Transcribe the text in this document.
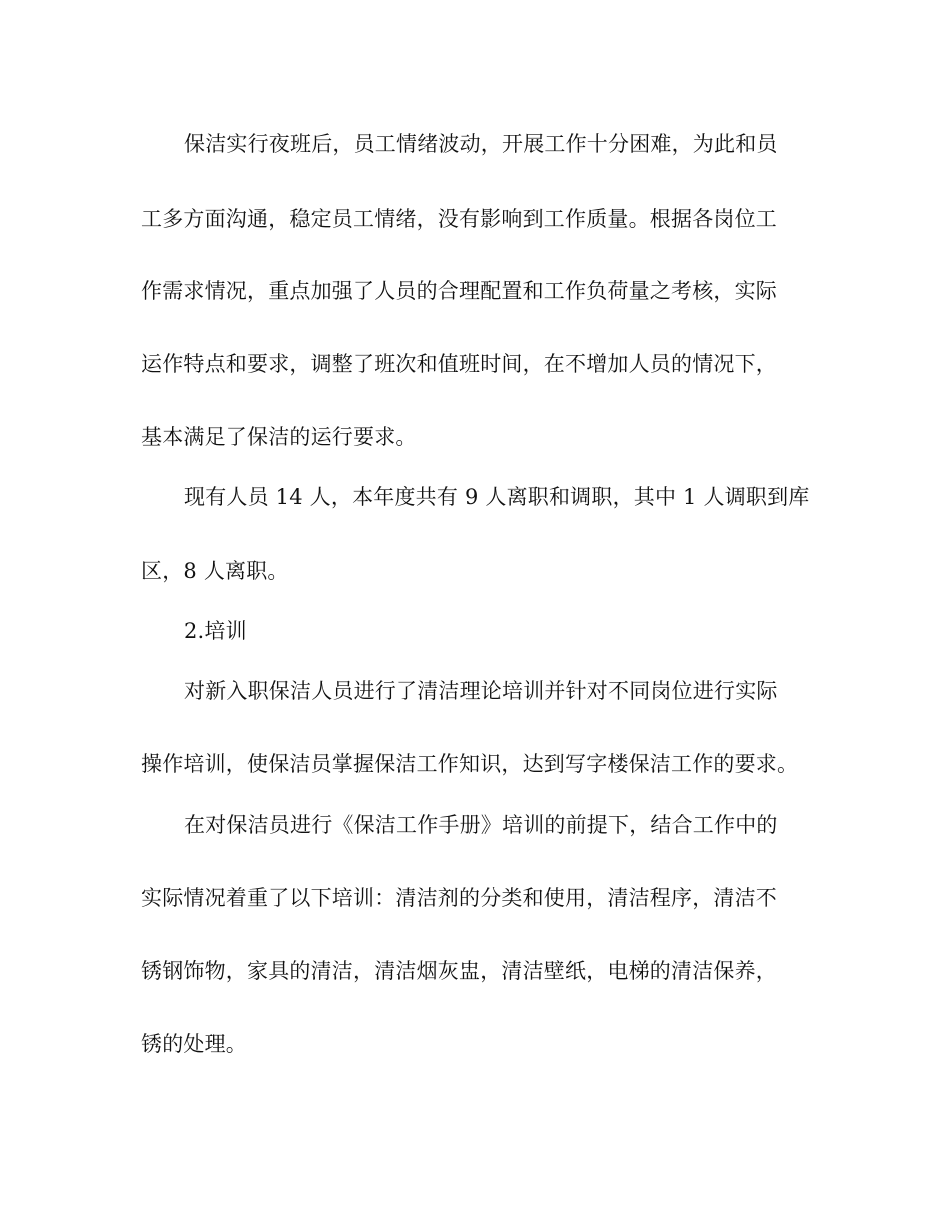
保洁实行夜班后，员工情绪波动，开展工作十分困难，为此和员
工多方面沟通，稳定员工情绪，没有影响到工作质量。根据各岗位工
作需求情况，重点加强了人员的合理配置和工作负荷量之考核，实际
运作特点和要求，调整了班次和值班时间，在不增加人员的情况下，
基本满足了保洁的运行要求。
现有人员 14 人，本年度共有 9 人离职和调职，其中 1 人调职到库
区，8 人离职。
2.培训
对新入职保洁人员进行了清洁理论培训并针对不同岗位进行实际
操作培训，使保洁员掌握保洁工作知识，达到写字楼保洁工作的要求。
在对保洁员进行《保洁工作手册》培训的前提下，结合工作中的
实际情况着重了以下培训：清洁剂的分类和使用，清洁程序，清洁不
锈钢饰物，家具的清洁，清洁烟灰盅，清洁壁纸，电梯的清洁保养，
锈的处理。
